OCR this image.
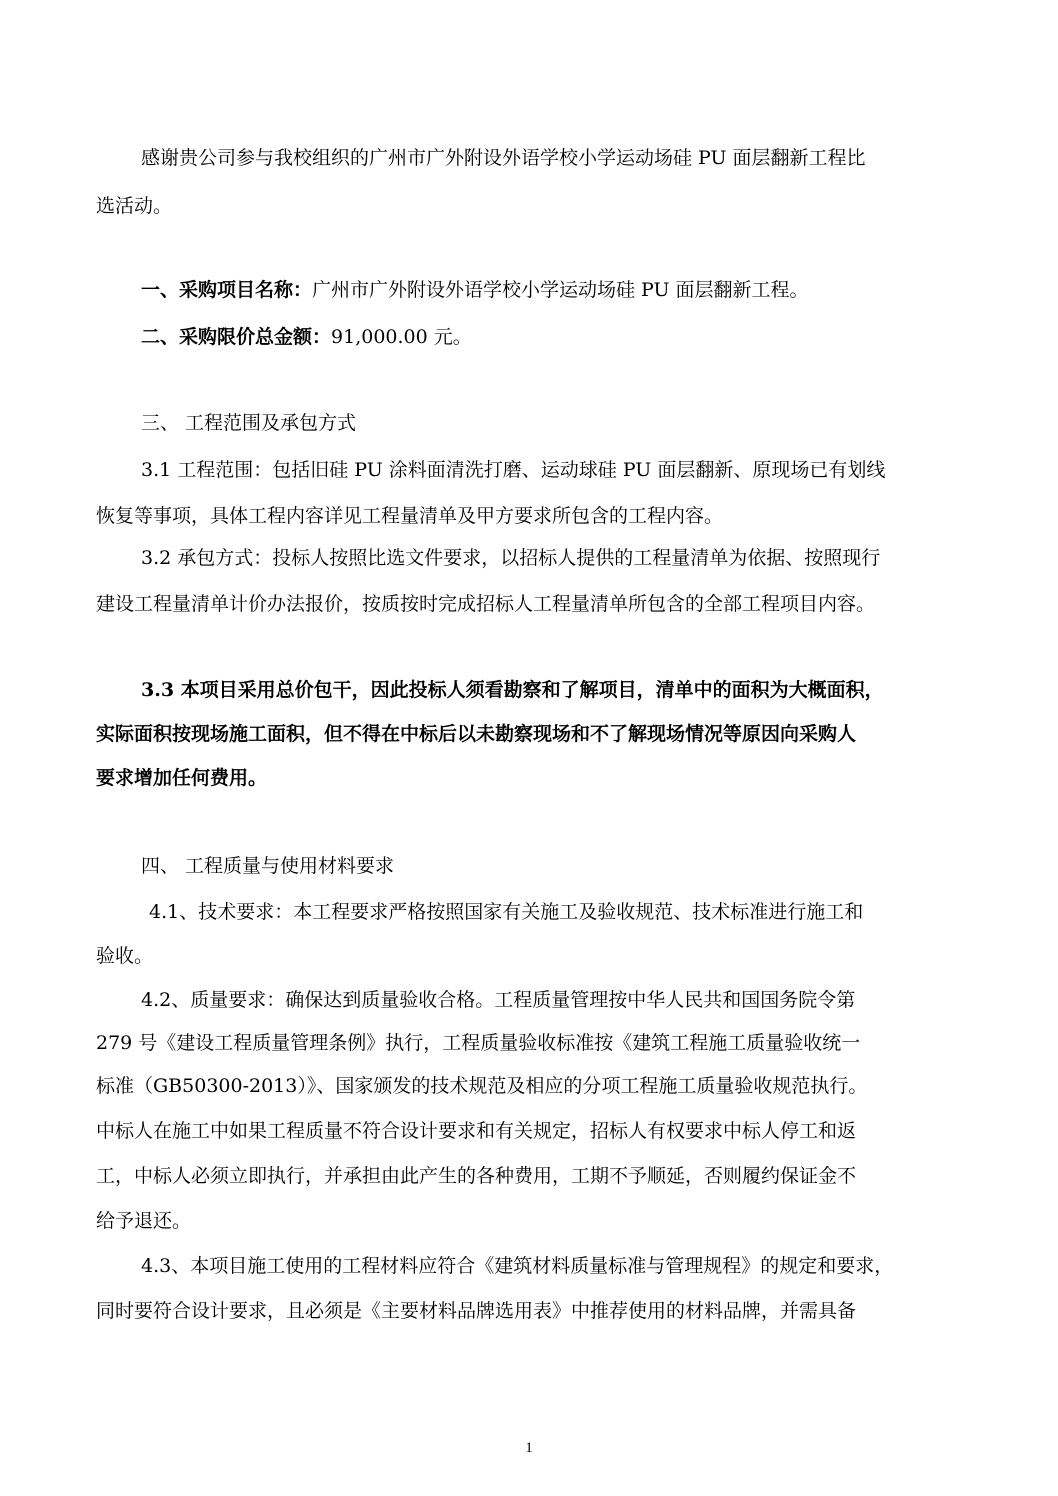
感谢贵公司参与我校组织的广州市广外附设外语学校小学运动场硅 PU 面层翻新工程比
选活动。
一、采购项目名称：广州市广外附设外语学校小学运动场硅 PU 面层翻新工程。
二、采购限价总金额：91,000.00 元。
三、 工程范围及承包方式
3.1 工程范围：包括旧硅 PU 涂料面清洗打磨、运动球硅 PU 面层翻新、原现场已有划线
恢复等事项，具体工程内容详见工程量清单及甲方要求所包含的工程内容。
3.2 承包方式：投标人按照比选文件要求，以招标人提供的工程量清单为依据、按照现行
建设工程量清单计价办法报价，按质按时完成招标人工程量清单所包含的全部工程项目内容。
3.3 本项目采用总价包干，因此投标人须看勘察和了解项目，清单中的面积为大概面积，
实际面积按现场施工面积，但不得在中标后以未勘察现场和不了解现场情况等原因向采购人
要求增加任何费用。
四、 工程质量与使用材料要求
4.1、技术要求：本工程要求严格按照国家有关施工及验收规范、技术标准进行施工和
验收。
4.2、质量要求：确保达到质量验收合格。工程质量管理按中华人民共和国国务院令第
279 号《建设工程质量管理条例》执行，工程质量验收标准按《建筑工程施工质量验收统一
标准（GB50300-2013）》、国家颁发的技术规范及相应的分项工程施工质量验收规范执行。
中标人在施工中如果工程质量不符合设计要求和有关规定，招标人有权要求中标人停工和返
工，中标人必须立即执行，并承担由此产生的各种费用，工期不予顺延，否则履约保证金不
给予退还。
4.3、本项目施工使用的工程材料应符合《建筑材料质量标准与管理规程》的规定和要求，
同时要符合设计要求，且必须是《主要材料品牌选用表》中推荐使用的材料品牌，并需具备
1
